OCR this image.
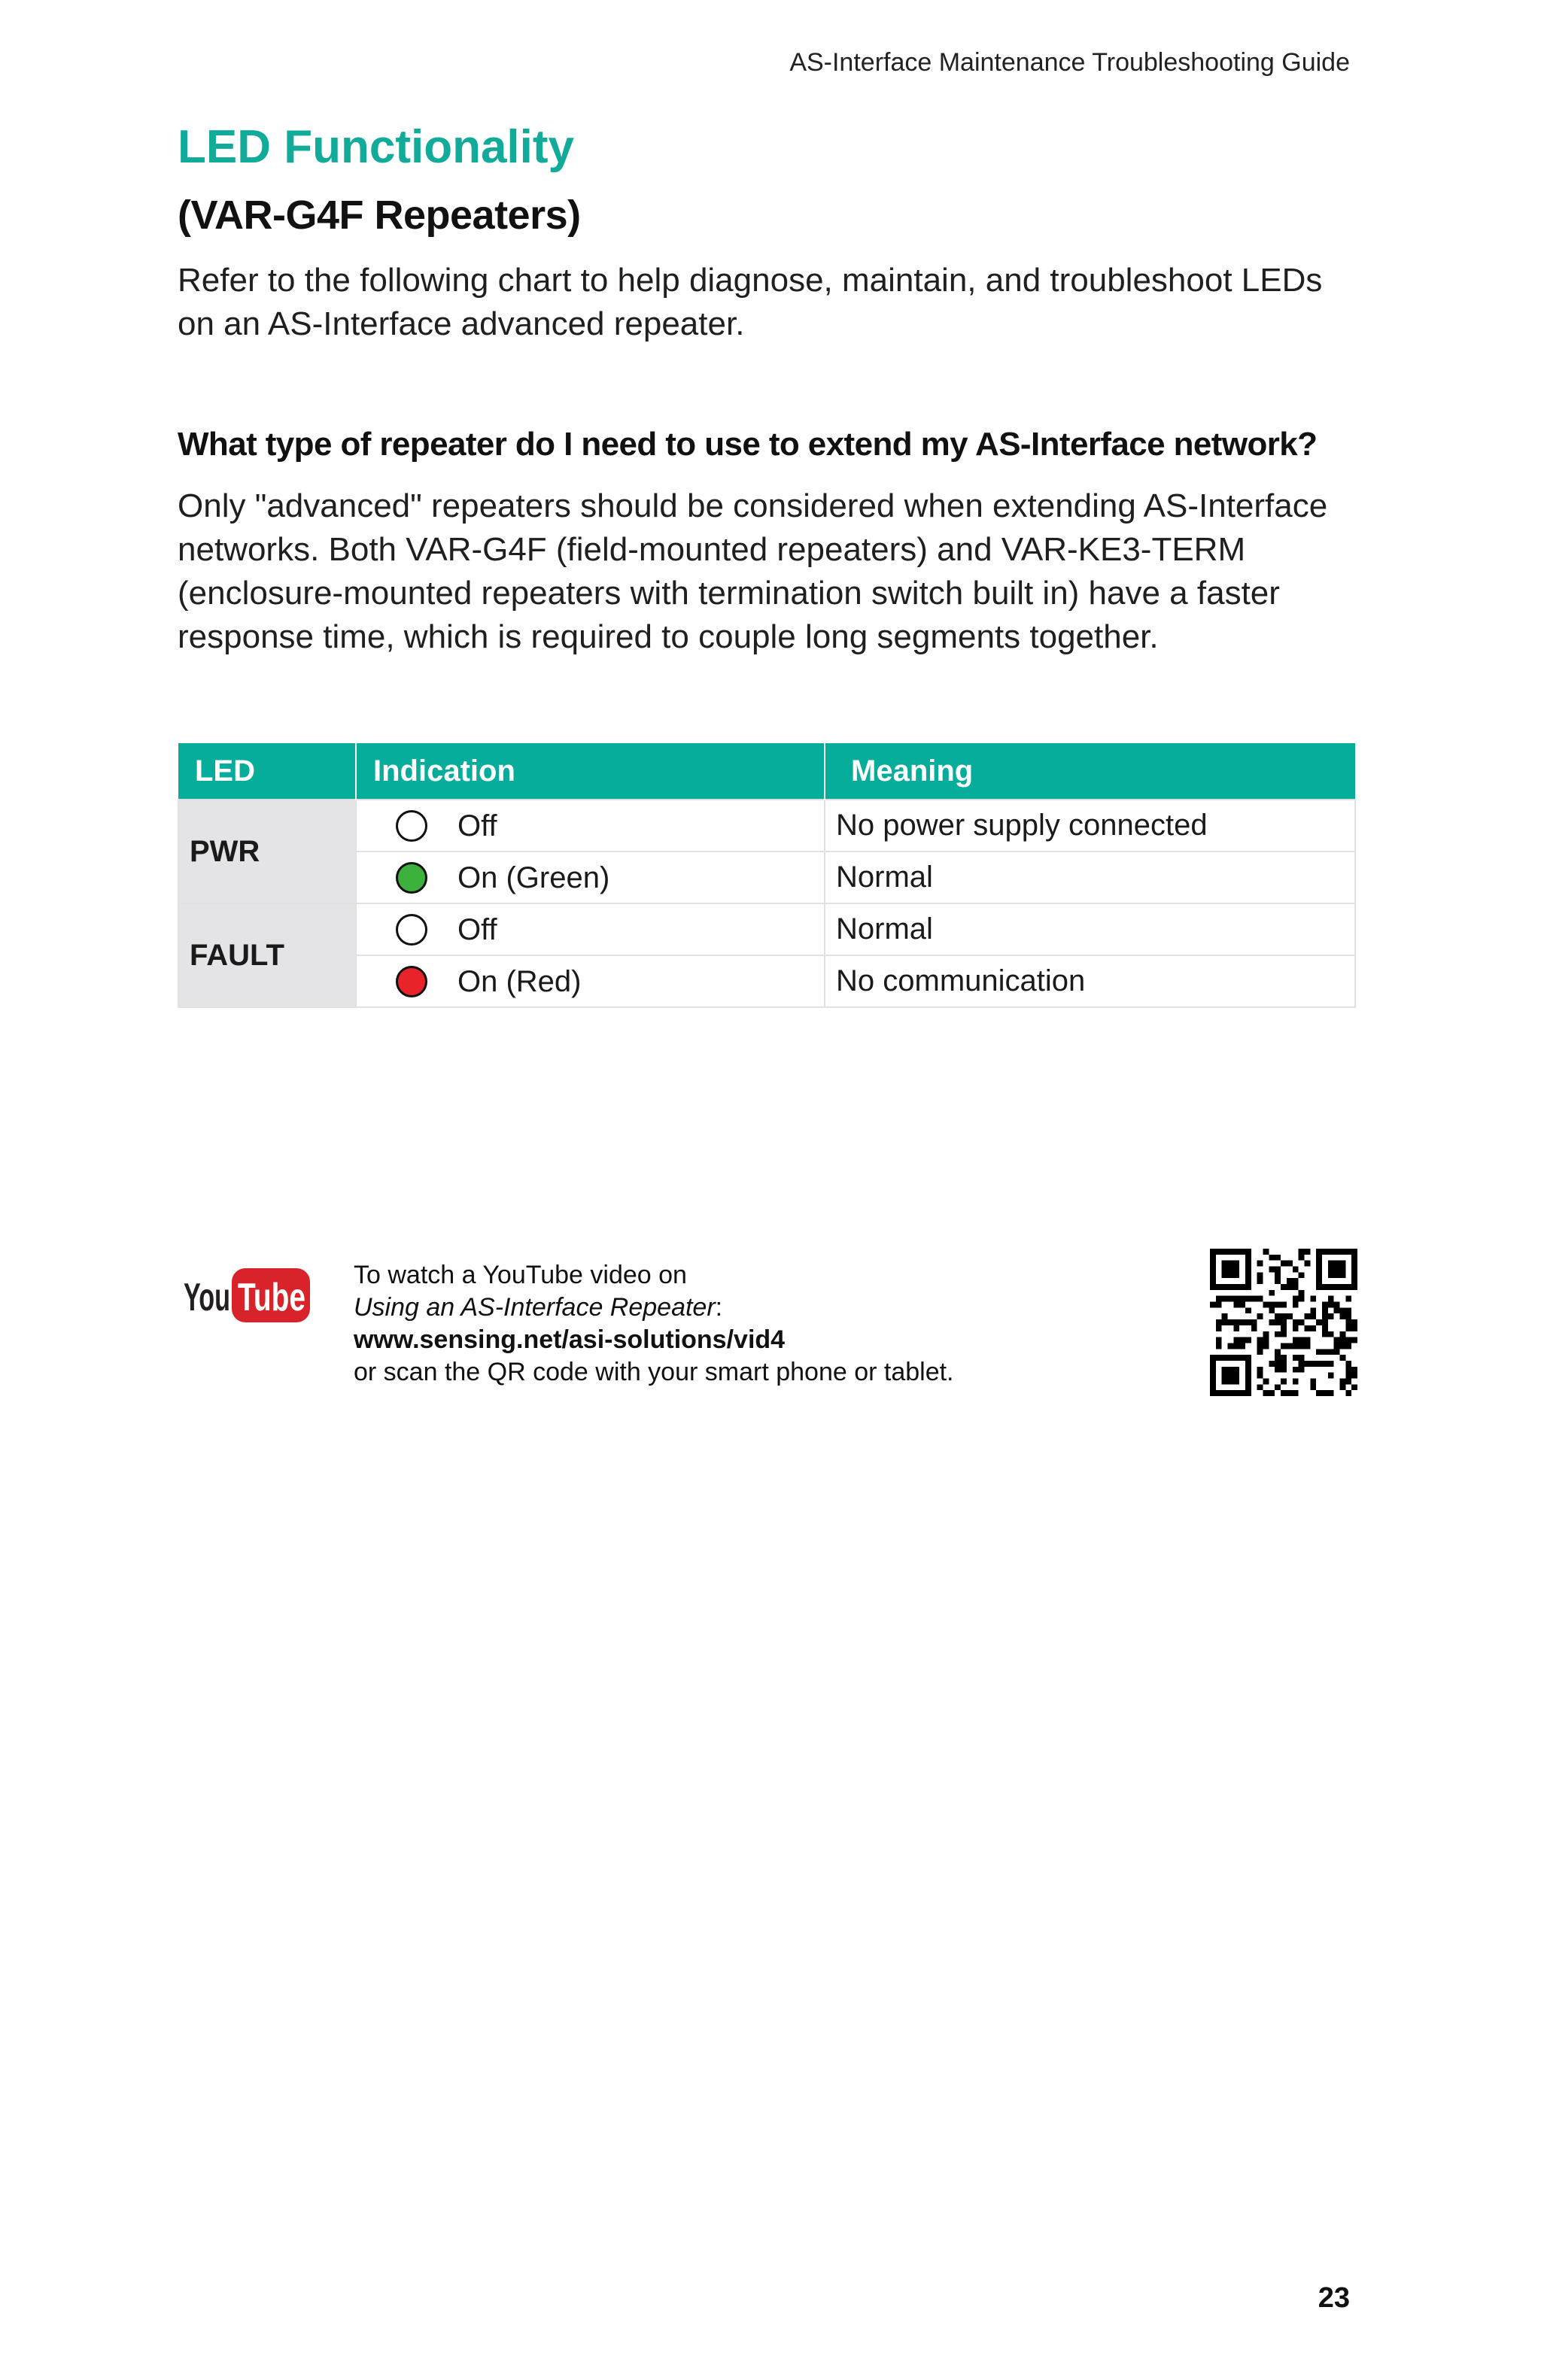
AS-Interface Maintenance Troubleshooting Guide
LED Functionality
(VAR-G4F Repeaters)

Refer to the following chart to help diagnose, maintain, and troubleshoot LEDs on an AS-Interface advanced repeater.

What type of repeater do I need to use to extend my AS-Interface network?

Only "advanced" repeaters should be considered when extending AS-Interface networks. Both VAR-G4F (field-mounted repeaters) and VAR-KE3-TERM (enclosure-mounted repeaters with termination switch built in) have a faster response time, which is required to couple long segments together.

LED	Indication	Meaning
PWR	Off	No power supply connected
	On (Green)	Normal
FAULT	Off	Normal
	On (Red)	No communication
You Tube
To watch a YouTube video on
Using an AS-Interface Repeater:
www.sensing.net/asi-solutions/vid4
or scan the QR code with your smart phone or tablet.
23
